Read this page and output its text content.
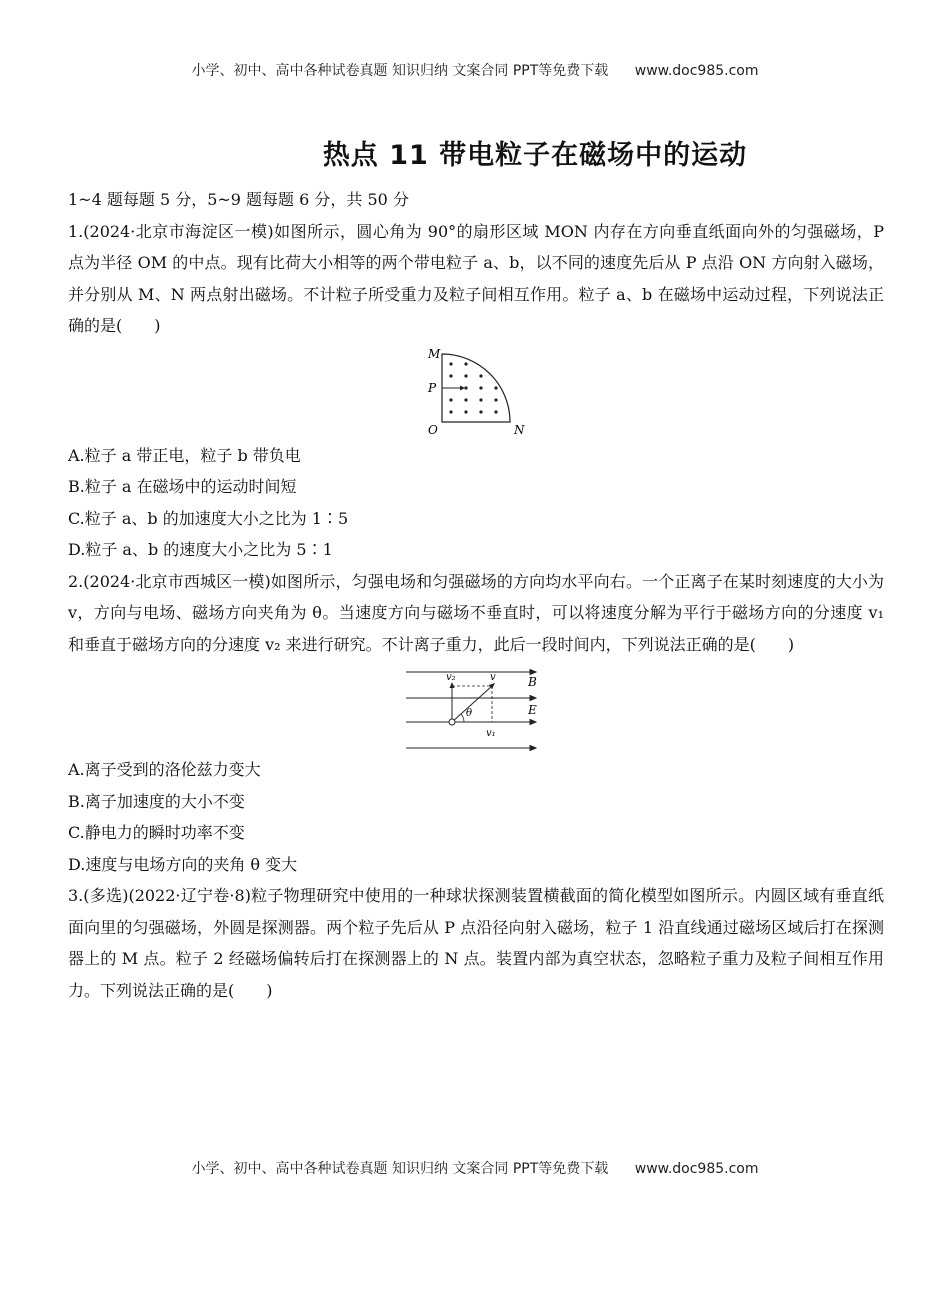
小学、初中、高中各种试卷真题 知识归纳 文案合同 PPT等免费下载 www.doc985.com
热点 11 带电粒子在磁场中的运动

1~4 题每题 5 分，5~9 题每题 6 分，共 50 分

1.(2024·北京市海淀区一模)如图所示，圆心角为 90°的扇形区域 MON 内存在方向垂直纸面向外的匀强磁场，P 点为半径 OM 的中点。现有比荷大小相等的两个带电粒子 a、b，以不同的速度先后从 P 点沿 ON 方向射入磁场，并分别从 M、N 两点射出磁场。不计粒子所受重力及粒子间相互作用。粒子 a、b 在磁场中运动过程，下列说法正确的是(　　)

M
P
O	N

A.粒子 a 带正电，粒子 b 带负电

B.粒子 a 在磁场中的运动时间短

C.粒子 a、b 的加速度大小之比为 1∶5

D.粒子 a、b 的速度大小之比为 5∶1

2.(2024·北京市西城区一模)如图所示，匀强电场和匀强磁场的方向均水平向右。一个正离子在某时刻速度的大小为 v，方向与电场、磁场方向夹角为 θ。当速度方向与磁场不垂直时，可以将速度分解为平行于磁场方向的分速度 v₁ 和垂直于磁场方向的分速度 v₂ 来进行研究。不计离子重力，此后一段时间内，下列说法正确的是(　　)

v₂	v	B
θ	E
v₁

A.离子受到的洛伦兹力变大

B.离子加速度的大小不变

C.静电力的瞬时功率不变

D.速度与电场方向的夹角 θ 变大

3.(多选)(2022·辽宁卷·8)粒子物理研究中使用的一种球状探测装置横截面的简化模型如图所示。内圆区域有垂直纸面向里的匀强磁场，外圆是探测器。两个粒子先后从 P 点沿径向射入磁场，粒子 1 沿直线通过磁场区域后打在探测器上的 M 点。粒子 2 经磁场偏转后打在探测器上的 N 点。装置内部为真空状态，忽略粒子重力及粒子间相互作用力。下列说法正确的是(　　)

小学、初中、高中各种试卷真题 知识归纳 文案合同 PPT等免费下载 www.doc985.com
